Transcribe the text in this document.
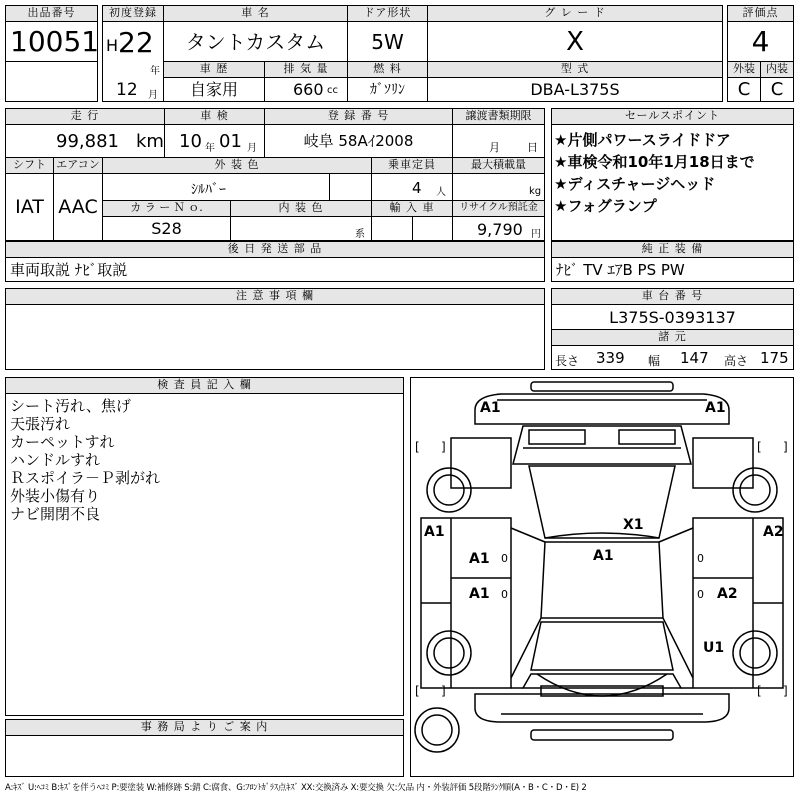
出品番号
10051
初度登録
H 22
年
12 月
車 名
タントカスタム
ドア形状
5W
グ レ ー ド
X
車 歴
自家用
排 気 量
660 cc
燃 料
ｶﾞｿﾘﾝ
型 式
DBA-L375S
評価点
4
外装	内装
C	C
走 行
99,881 km
車 検
10 年 01 月
登 録 番 号
岐阜 58Aｲ2008
譲渡書類期限
月 日
シフト
IAT
エアコン
AAC
外 装 色
ｼﾙﾊﾞｰ
乗車定員
4 人
最大積載量
kg
カ ラ ー Ｎ ｏ.
S28
内 装 色
系
輸 入 車	リサイクル預託金
9,790 円
セールスポイント
★片側パワースライドドア
★車検令和10年1月18日まで
★ディスチャージヘッド
★フォグランプ
後 日 発 送 部 品
車両取説 ﾅﾋﾞ取説
純 正 装 備
ﾅﾋﾞ TV ｴｱB PS PW
注 意 事 項 欄	車 台 番 号
L375S-0393137
諸 元
長さ 339 幅 147 高さ 175
検 査 員 記 入 欄
シート汚れ、焦げ
天張汚れ
カーペットすれ
ハンドルすれ
Ｒスポイラ－Ｐ剥がれ
外装小傷有り
ナビ開閉不良
事 務 局 よ り ご 案 内
A1	A1
A1	A2
A1 0
A1 0
X1
A1	0
0 A2
U1
[ ]	[ ]
[ ]	[ ]
A:ｷｽﾞ U:ﾍｺﾐ B:ｷｽﾞを伴うﾍｺﾐ P:要塗装 W:補修跡 S:錆 C:腐食、G:ﾌﾛﾝﾄｶﾞﾗｽ点ｷｽﾞ XX:交換済み X:要交換 欠:欠品 内・外装評価 5段階ﾗﾝｸ順(A・B・C・D・E) 2
